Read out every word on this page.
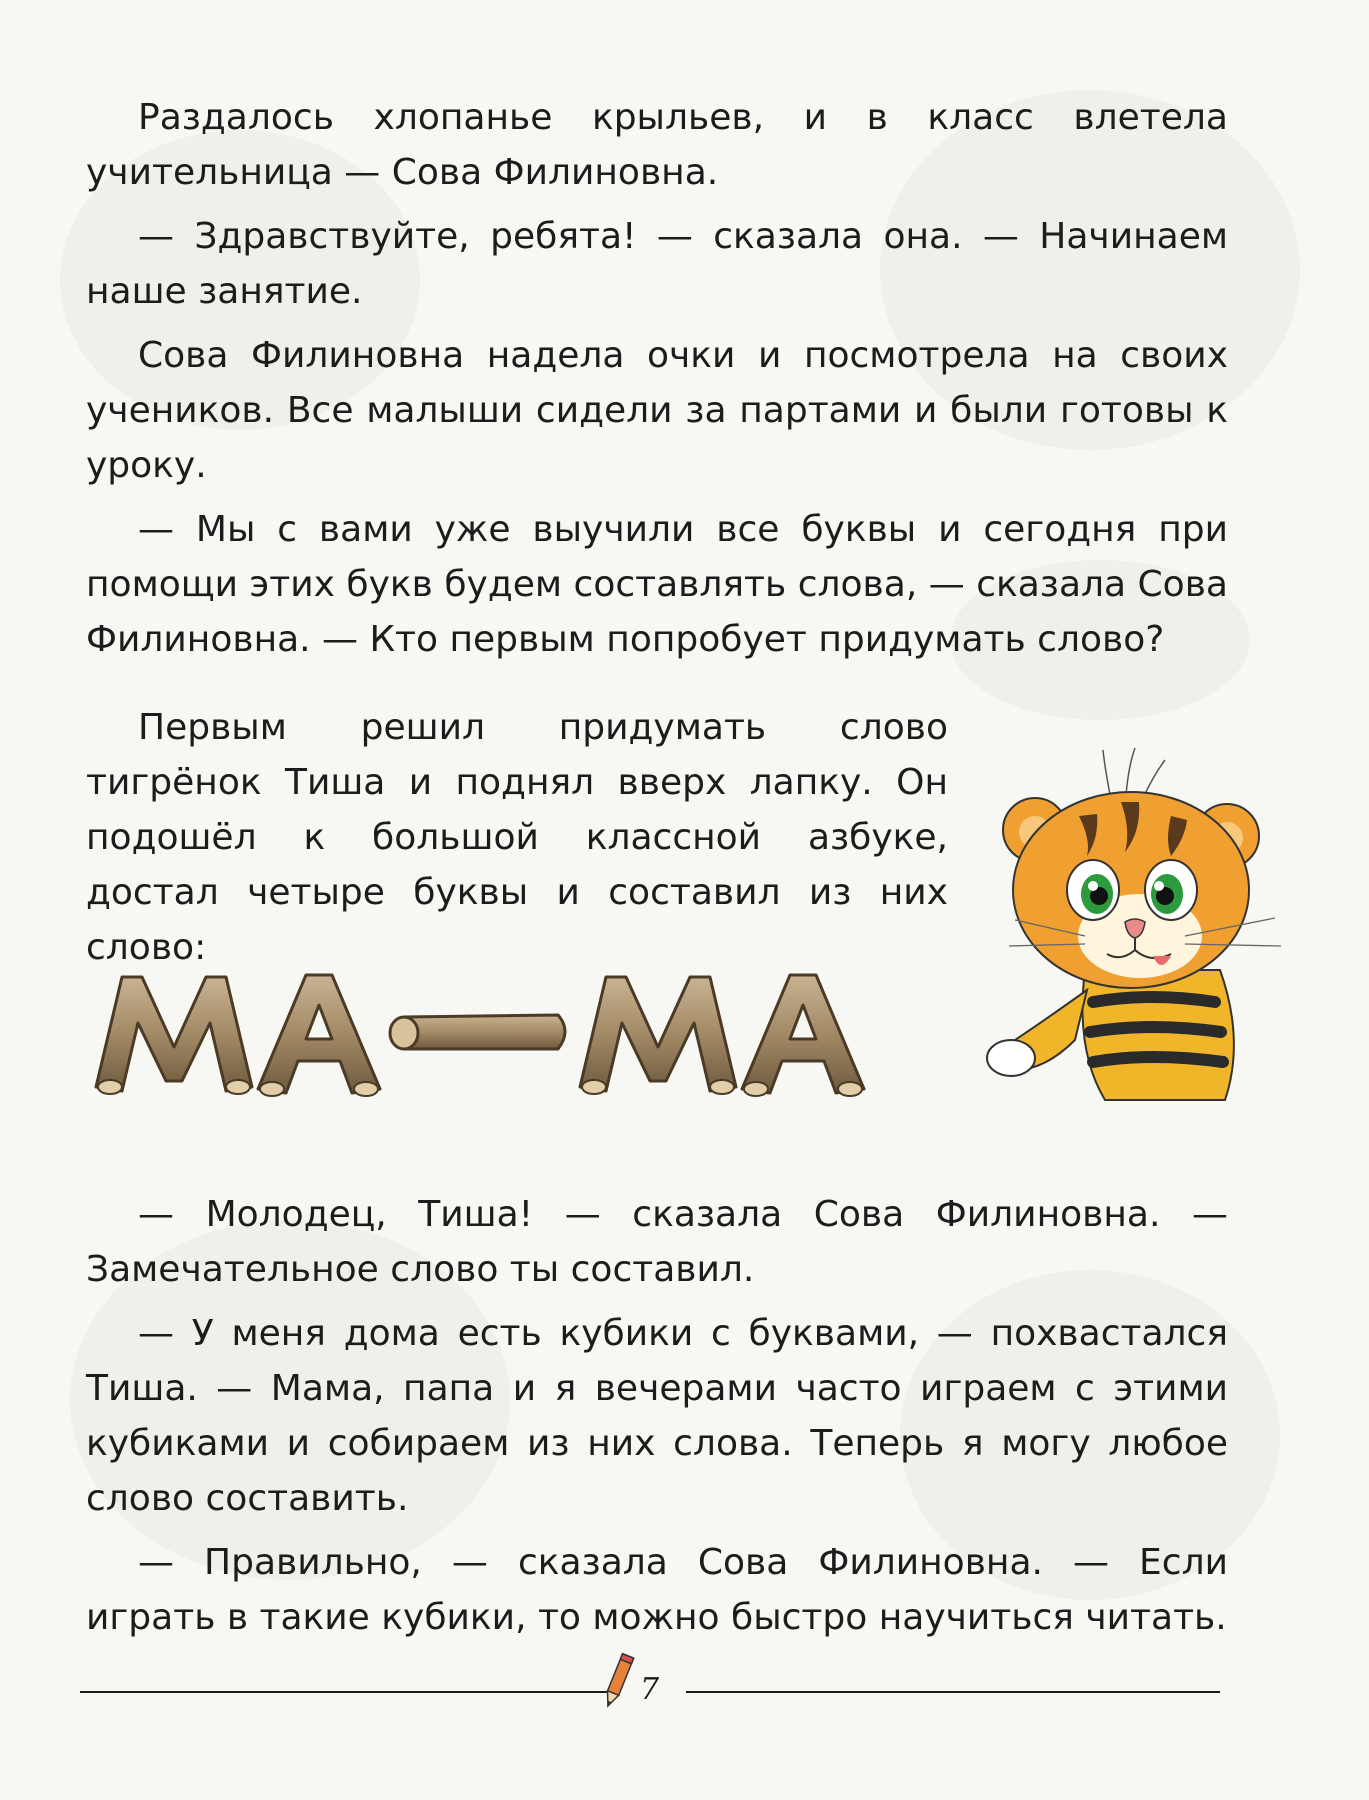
Раздалось хлопанье крыльев, и в класс влетела учительница — Сова Филиновна.

— Здравствуйте, ребята! — сказала она. — Начинаем наше занятие.

Сова Филиновна надела очки и посмотрела на своих учеников. Все малыши сидели за партами и были готовы к уроку.

— Мы с вами уже выучили все буквы и сегодня при помощи этих букв будем составлять слова, — сказала Сова Филиновна. — Кто первым попробует придумать слово?

Первым решил придумать слово тигрёнок Тиша и поднял вверх лапку. Он подошёл к большой классной азбуке, достал четыре буквы и составил из них слово:

— Молодец, Тиша! — сказала Сова Филиновна. — Замечательное слово ты составил.

— У меня дома есть кубики с буквами, — похвастался Тиша. — Мама, папа и я вечерами часто играем с этими кубиками и собираем из них слова. Теперь я могу любое слово составить.

— Правильно, — сказала Сова Филиновна. — Если играть в такие кубики, то можно быстро научиться читать.

7
